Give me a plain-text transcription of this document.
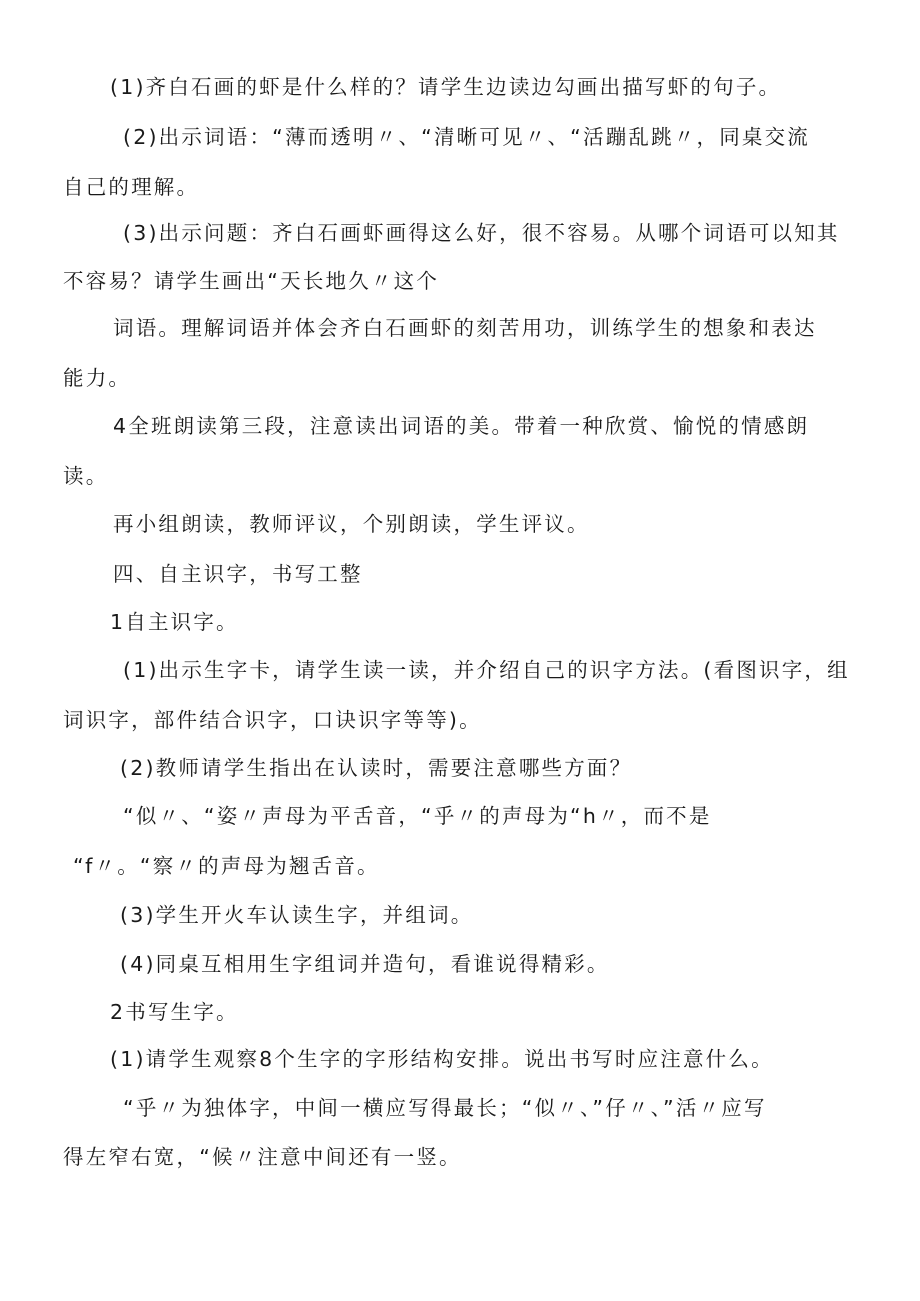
(1)齐白石画的虾是什么样的？请学生边读边勾画出描写虾的句子。
(2)出示词语：“薄而透明〃、“清晰可见〃、“活蹦乱跳〃，同桌交流
自己的理解。
(3)出示问题：齐白石画虾画得这么好，很不容易。从哪个词语可以知其
不容易？请学生画出“天长地久〃这个
词语。理解词语并体会齐白石画虾的刻苦用功，训练学生的想象和表达
能力。
4全班朗读第三段，注意读出词语的美。带着一种欣赏、愉悦的情感朗
读。
再小组朗读，教师评议，个别朗读，学生评议。
四、自主识字，书写工整
1自主识字。
(1)出示生字卡，请学生读一读，并介绍自己的识字方法。(看图识字，组
词识字，部件结合识字，口诀识字等等)。
(2)教师请学生指出在认读时，需要注意哪些方面？
“似〃、“姿〃声母为平舌音，“乎〃的声母为“h〃，而不是
“f〃。“察〃的声母为翘舌音。
(3)学生开火车认读生字，并组词。
(4)同桌互相用生字组词并造句，看谁说得精彩。
2书写生字。
(1)请学生观察8个生字的字形结构安排。说出书写时应注意什么。
“乎〃为独体字，中间一横应写得最长；“似〃、”仔〃、”活〃应写
得左窄右宽，“候〃注意中间还有一竖。
